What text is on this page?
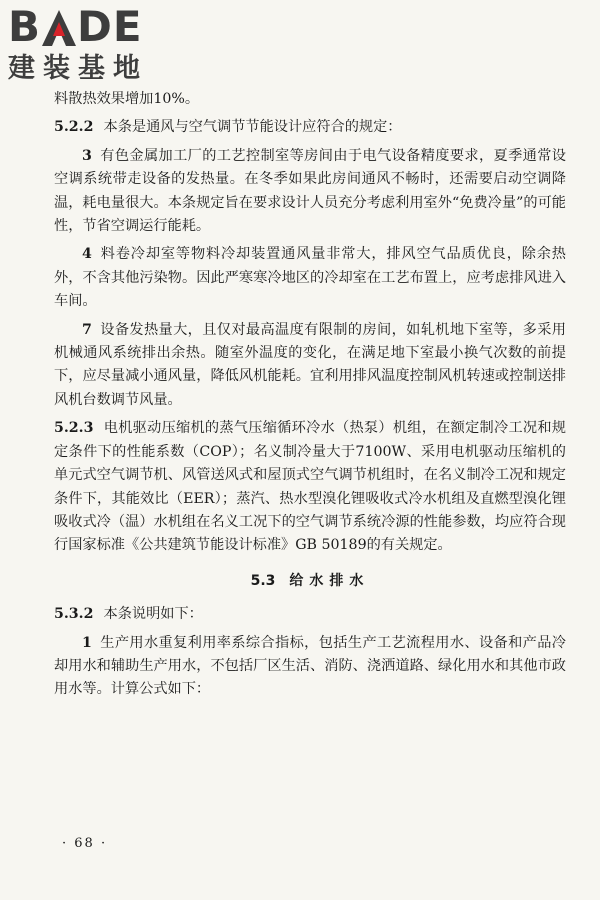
B DE
建装基地

料散热效果增加10%。

5.2.2 本条是通风与空气调节节能设计应符合的规定：

3 有色金属加工厂的工艺控制室等房间由于电气设备精度要求，夏季通常设空调系统带走设备的发热量。在冬季如果此房间通风不畅时，还需要启动空调降温，耗电量很大。本条规定旨在要求设计人员充分考虑利用室外“免费冷量”的可能性，节省空调运行能耗。

4 料卷冷却室等物料冷却装置通风量非常大，排风空气品质优良，除余热外，不含其他污染物。因此严寒寒冷地区的冷却室在工艺布置上，应考虑排风进入车间。

7 设备发热量大，且仅对最高温度有限制的房间，如轧机地下室等，多采用机械通风系统排出余热。随室外温度的变化，在满足地下室最小换气次数的前提下，应尽量减小通风量，降低风机能耗。宜利用排风温度控制风机转速或控制送排风机台数调节风量。

5.2.3 电机驱动压缩机的蒸气压缩循环冷水（热泵）机组，在额定制冷工况和规定条件下的性能系数（COP）；名义制冷量大于7100W、采用电机驱动压缩机的单元式空气调节机、风管送风式和屋顶式空气调节机组时，在名义制冷工况和规定条件下，其能效比（EER）；蒸汽、热水型溴化锂吸收式冷水机组及直燃型溴化锂吸收式冷（温）水机组在名义工况下的空气调节系统冷源的性能参数，均应符合现行国家标准《公共建筑节能设计标准》GB 50189的有关规定。

5.3 给水排水

5.3.2 本条说明如下：

1 生产用水重复利用率系综合指标，包括生产工艺流程用水、设备和产品冷却用水和辅助生产用水，不包括厂区生活、消防、浇洒道路、绿化用水和其他市政用水等。计算公式如下：

· 68 ·
